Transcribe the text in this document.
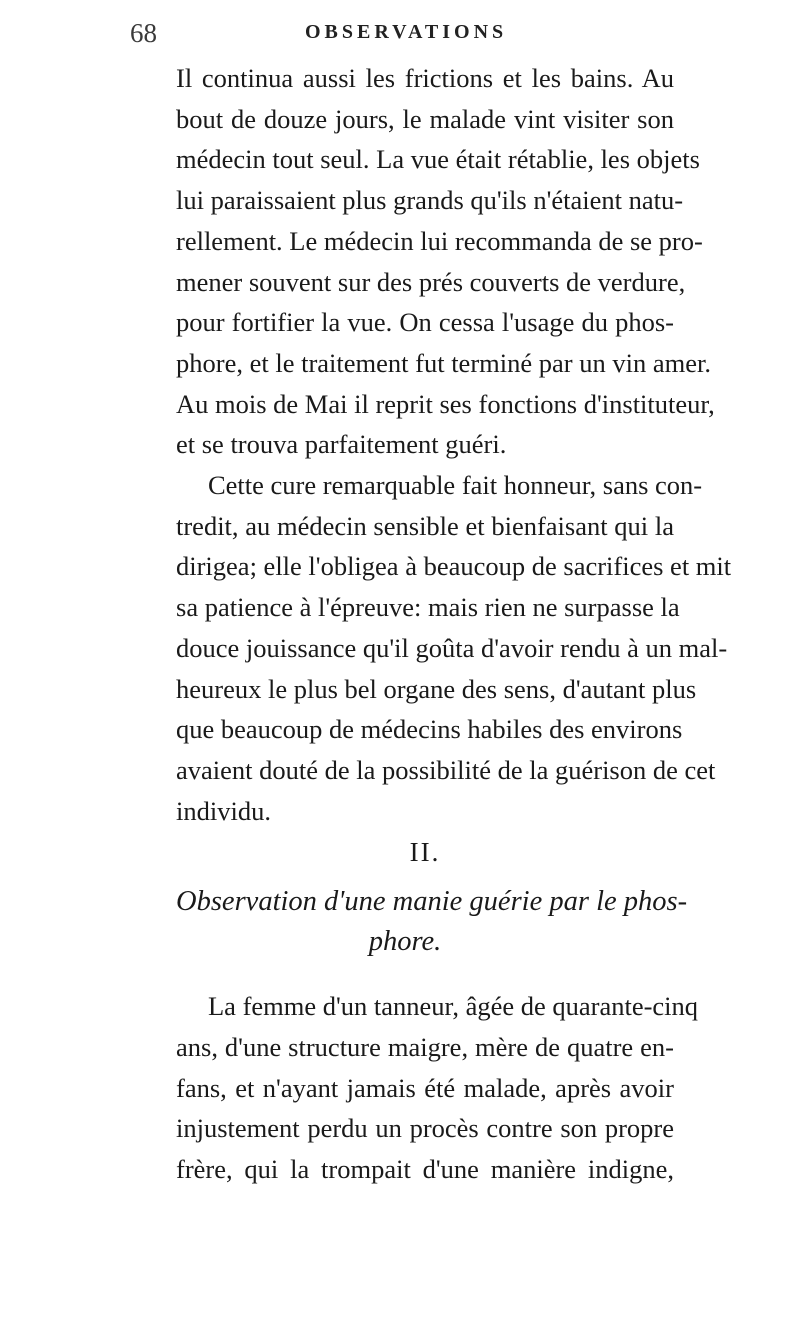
68	OBSERVATIONS

Il continua aussi les frictions et les bains. Au
bout de douze jours, le malade vint visiter son
médecin tout seul. La vue était rétablie, les objets
lui paraissaient plus grands qu'ils n'étaient natu-
rellement. Le médecin lui recommanda de se pro-
mener souvent sur des prés couverts de verdure,
pour fortifier la vue. On cessa l'usage du phos-
phore, et le traitement fut terminé par un vin amer.
Au mois de Mai il reprit ses fonctions d'instituteur,
et se trouva parfaitement guéri.

Cette cure remarquable fait honneur, sans con-
tredit, au médecin sensible et bienfaisant qui la
dirigea; elle l'obligea à beaucoup de sacrifices et mit
sa patience à l'épreuve: mais rien ne surpasse la
douce jouissance qu'il goûta d'avoir rendu à un mal-
heureux le plus bel organe des sens, d'autant plus
que beaucoup de médecins habiles des environs
avaient douté de la possibilité de la guérison de cet
individu.

II.
Observation d'une manie guérie par le phos-
phore.

La femme d'un tanneur, âgée de quarante-cinq
ans, d'une structure maigre, mère de quatre en-
fans, et n'ayant jamais été malade, après avoir
injustement perdu un procès contre son propre
frère, qui la trompait d'une manière indigne,
